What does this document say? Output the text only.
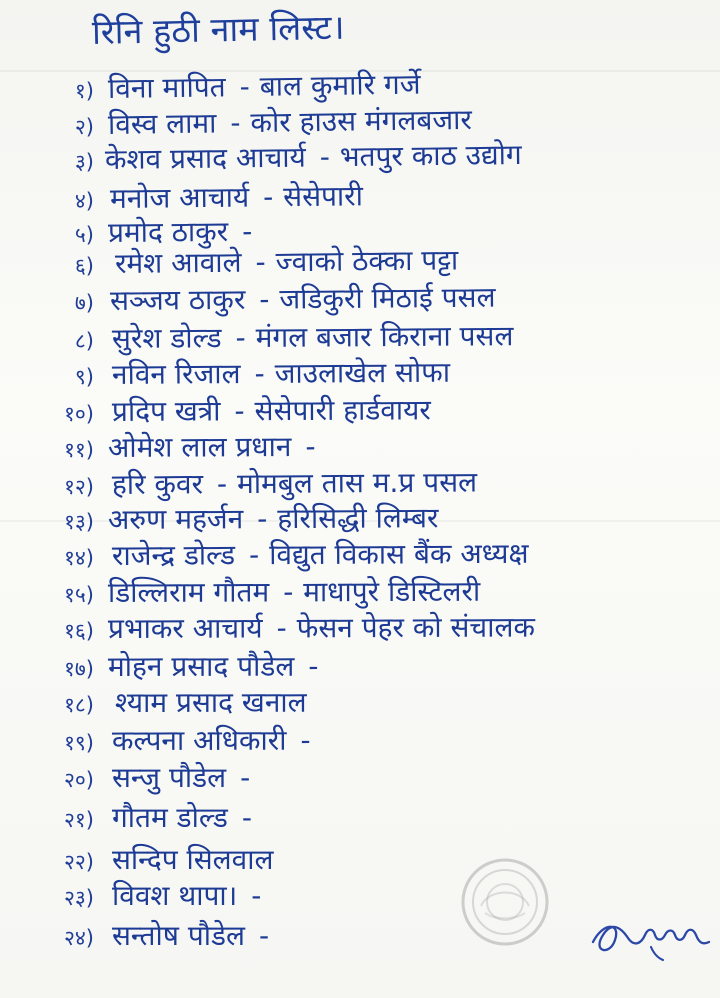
रिनि हुठी नाम लिस्ट।
१) विना मापित - बाल कुमारि गर्जे
२) विस्व लामा - कोर हाउस मंगलबजार
३) केशव प्रसाद आचार्य - भतपुर काठ उद्योग
४) मनोज आचार्य - सेसेपारी
५) प्रमोद ठाकुर -
६) रमेश आवाले - ज्वाको ठेक्का पट्टा
७) सञ्जय ठाकुर - जडिकुरी मिठाई पसल
८) सुरेश डोल्ड - मंगल बजार किराना पसल
९) नविन रिजाल - जाउलाखेल सोफा
१०) प्रदिप खत्री - सेसेपारी हार्डवायर
११) ओमेश लाल प्रधान -
१२) हरि कुवर - मोमबुल तास म.प्र पसल
१३) अरुण महर्जन - हरिसिद्धी लिम्बर
१४) राजेन्द्र डोल्ड - विद्युत विकास बैंक अध्यक्ष
१५) डिल्लिराम गौतम - माधापुरे डिस्टिलरी
१६) प्रभाकर आचार्य - फेसन पेहर को संचालक
१७) मोहन प्रसाद पौडेल -
१८) श्याम प्रसाद खनाल
१९) कल्पना अधिकारी -
२०) सन्जु पौडेल -
२१) गौतम डोल्ड -
२२) सन्दिप सिलवाल
२३) विवश थापा। -
२४) सन्तोष पौडेल -
